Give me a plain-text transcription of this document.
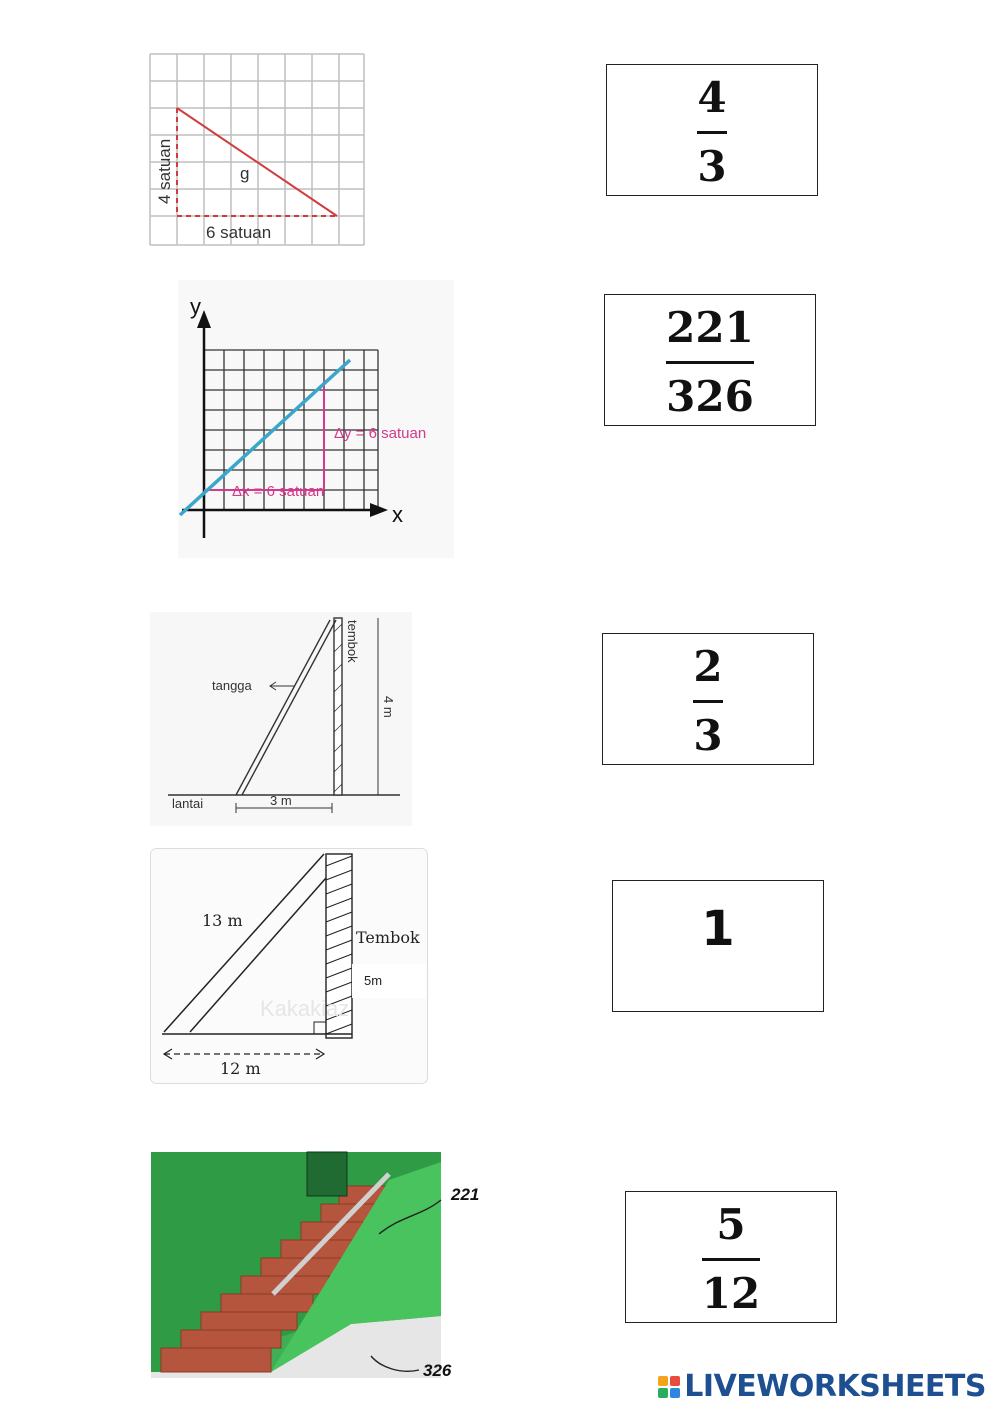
g
4 satuan
6 satuan
y
x
Δy = 6 satuan
Δx = 6 satuan
tembok
tangga
4 m
lantai	3 m
Kakakiaz
13 m
Tembok
5m
12 m
221
326
4
3
221
326
2
3
1
5
12
LIVEWORKSHEETS
